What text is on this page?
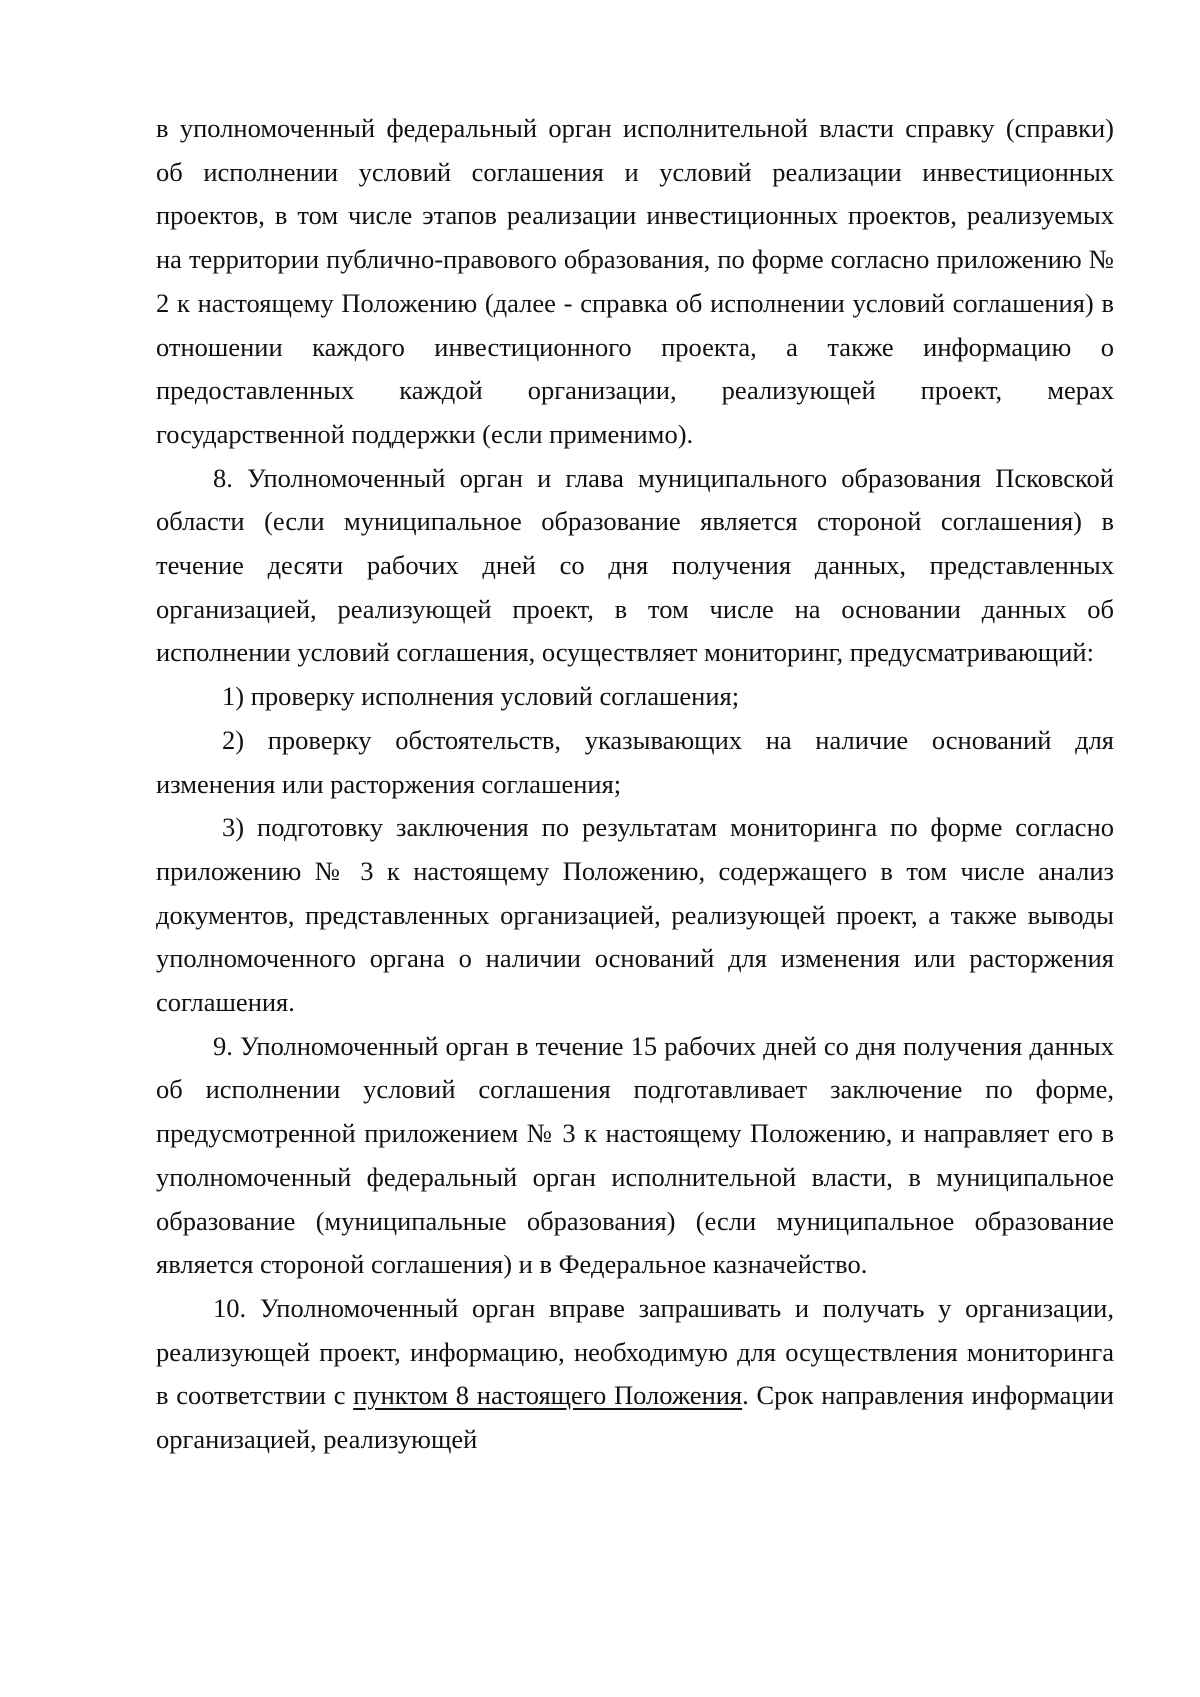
в уполномоченный федеральный орган исполнительной власти справку (справки) об исполнении условий соглашения и условий реализации инвестиционных проектов, в том числе этапов реализации инвестиционных проектов, реализуемых на территории публично-правового образования, по форме согласно приложению № 2 к настоящему Положению (далее - справка об исполнении условий соглашения) в отношении каждого инвестиционного проекта, а также информацию о предоставленных каждой организации, реализующей проект, мерах государственной поддержки (если применимо).

8. Уполномоченный орган и глава муниципального образования Псковской области (если муниципальное образование является стороной соглашения) в течение десяти рабочих дней со дня получения данных, представленных организацией, реализующей проект, в том числе на основании данных об исполнении условий соглашения, осуществляет мониторинг, предусматривающий:

1) проверку исполнения условий соглашения;

2) проверку обстоятельств, указывающих на наличие оснований для изменения или расторжения соглашения;

3) подготовку заключения по результатам мониторинга по форме согласно приложению № 3 к настоящему Положению, содержащего в том числе анализ документов, представленных организацией, реализующей проект, а также выводы уполномоченного органа о наличии оснований для изменения или расторжения соглашения.

9. Уполномоченный орган в течение 15 рабочих дней со дня получения данных об исполнении условий соглашения подготавливает заключение по форме, предусмотренной приложением № 3 к настоящему Положению, и направляет его в уполномоченный федеральный орган исполнительной власти, в муниципальное образование (муниципальные образования) (если муниципальное образование является стороной соглашения) и в Федеральное казначейство.

10. Уполномоченный орган вправе запрашивать и получать у организации, реализующей проект, информацию, необходимую для осуществления мониторинга в соответствии с пунктом 8 настоящего Положения. Срок направления информации организацией, реализующей
